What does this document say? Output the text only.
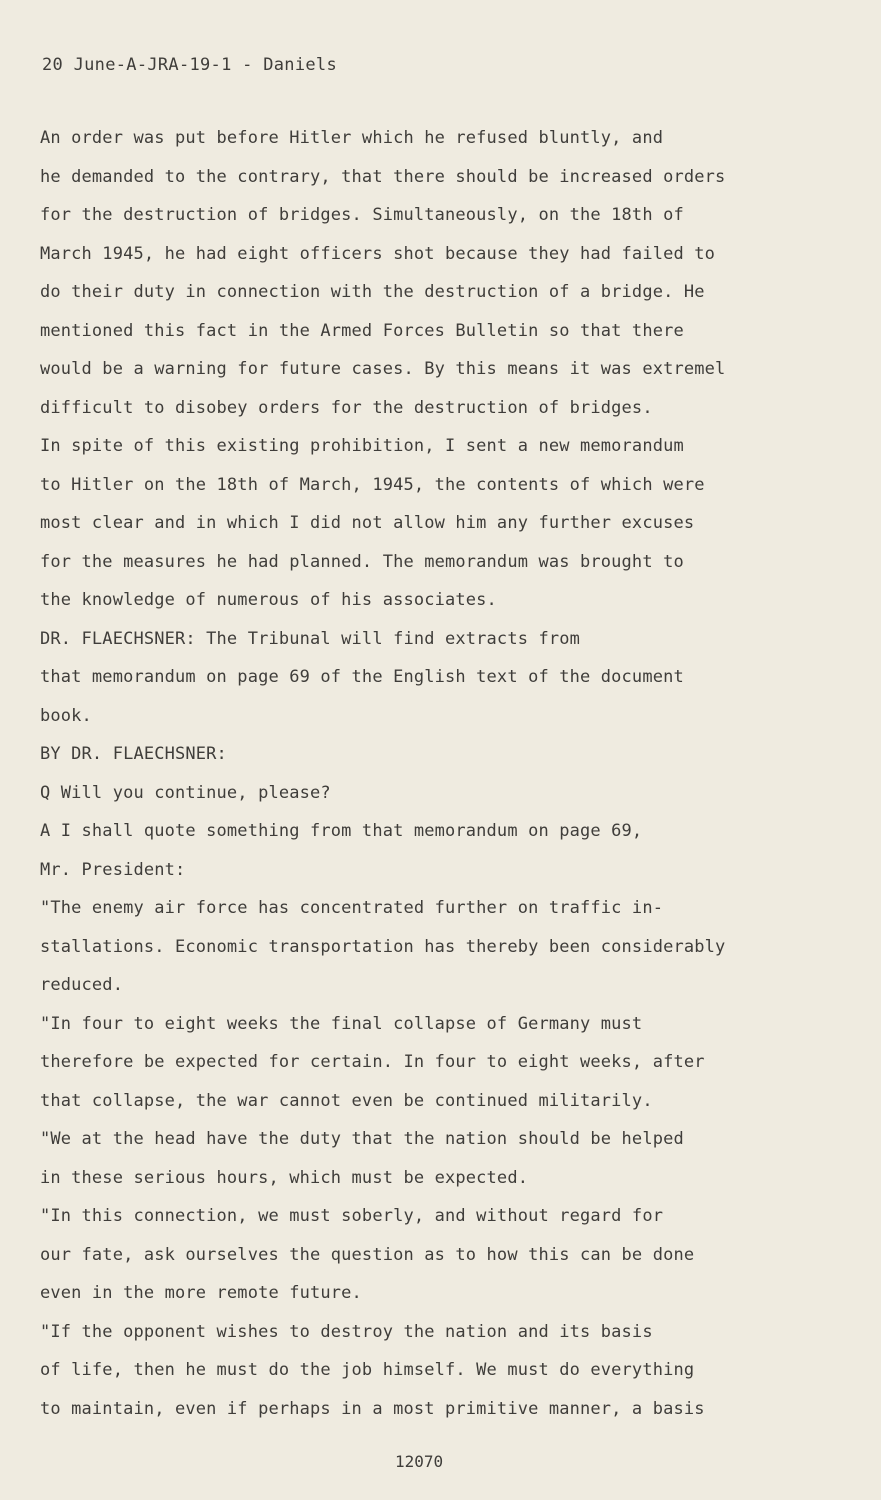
20 June-A-JRA-19-1 - Daniels
An order was put before Hitler which he refused bluntly, and
he demanded to the contrary, that there should be increased orders
for the destruction of bridges. Simultaneously, on the 18th of
March 1945, he had eight officers shot because they had failed to
do their duty in connection with the destruction of a bridge. He
mentioned this fact in the Armed Forces Bulletin so that there
would be a warning for future cases. By this means it was extremel
difficult to disobey orders for the destruction of bridges.
In spite of this existing prohibition, I sent a new memorandum
to Hitler on the 18th of March, 1945, the contents of which were
most clear and in which I did not allow him any further excuses
for the measures he had planned. The memorandum was brought to
the knowledge of numerous of his associates.
DR. FLAECHSNER: The Tribunal will find extracts from
that memorandum on page 69 of the English text of the document
book.
BY DR. FLAECHSNER:
Q Will you continue, please?
A I shall quote something from that memorandum on page 69,
Mr. President:
"The enemy air force has concentrated further on traffic in-
stallations. Economic transportation has thereby been considerably
reduced.
"In four to eight weeks the final collapse of Germany must
therefore be expected for certain. In four to eight weeks, after
that collapse, the war cannot even be continued militarily.
"We at the head have the duty that the nation should be helped
in these serious hours, which must be expected.
"In this connection, we must soberly, and without regard for
our fate, ask ourselves the question as to how this can be done
even in the more remote future.
"If the opponent wishes to destroy the nation and its basis
of life, then he must do the job himself. We must do everything
to maintain, even if perhaps in a most primitive manner, a basis
12070
